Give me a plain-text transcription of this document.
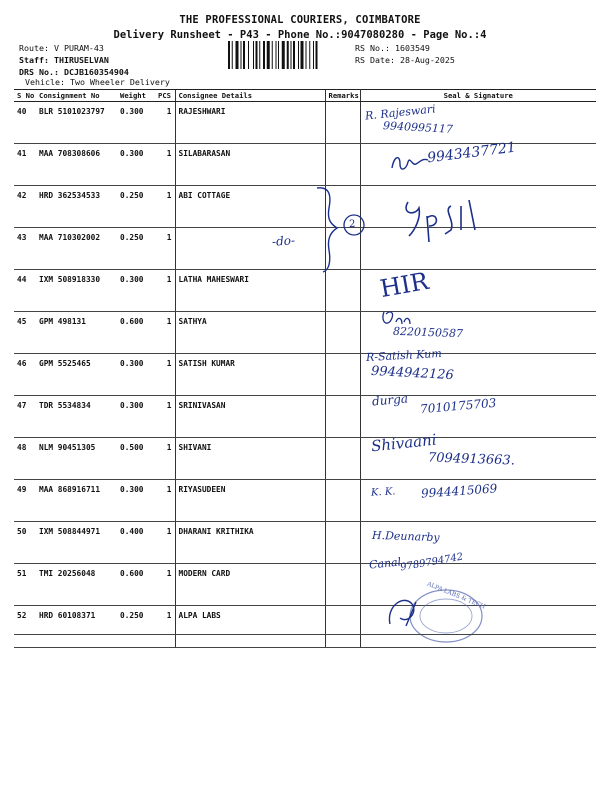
THE PROFESSIONAL COURIERS, COIMBATORE
Delivery Runsheet - P43 - Phone No.:9047080280 - Page No.:4
Route: V PURAM-43
Staff: THIRUSELVAN
DRS No.: DCJB160354904
Vehicle: Two Wheeler Delivery
RS No.: 1603549
RS Date: 28-Aug-2025
S No	Consignment No	Weight	PCS	Consignee Details	Remarks	Seal & Signature
40	BLR 5101023797	0.300	1	RAJESHWARI		
41	MAA 708308606	0.300	1	SILABARASAN		
42	HRD 362534533	0.250	1	ABI COTTAGE		
43	MAA 710302002	0.250	1			
44	IXM 508918330	0.300	1	LATHA MAHESWARI		
45	GPM 498131	0.600	1	SATHYA		
46	GPM 5525465	0.300	1	SATISH KUMAR		
47	TDR 5534834	0.300	1	SRINIVASAN		
48	NLM 90451305	0.500	1	SHIVANI		
49	MAA 868916711	0.300	1	RIYASUDEEN		
50	IXM 508844971	0.400	1	DHARANI KRITHIKA		
51	TMI 20256048	0.600	1	MODERN CARD		
52	HRD 60108371	0.250	1	ALPA LABS		
R. Rajeswari
9940995117
9943437721
-do-
2
HIR
8220150587
R-Satish Kum
9944942126
durga 7010175703
Shivaani
7094913663.
K. K. 9944415069
H.Deunarby
Canal
9789794742
ALPA LABS & TECH
